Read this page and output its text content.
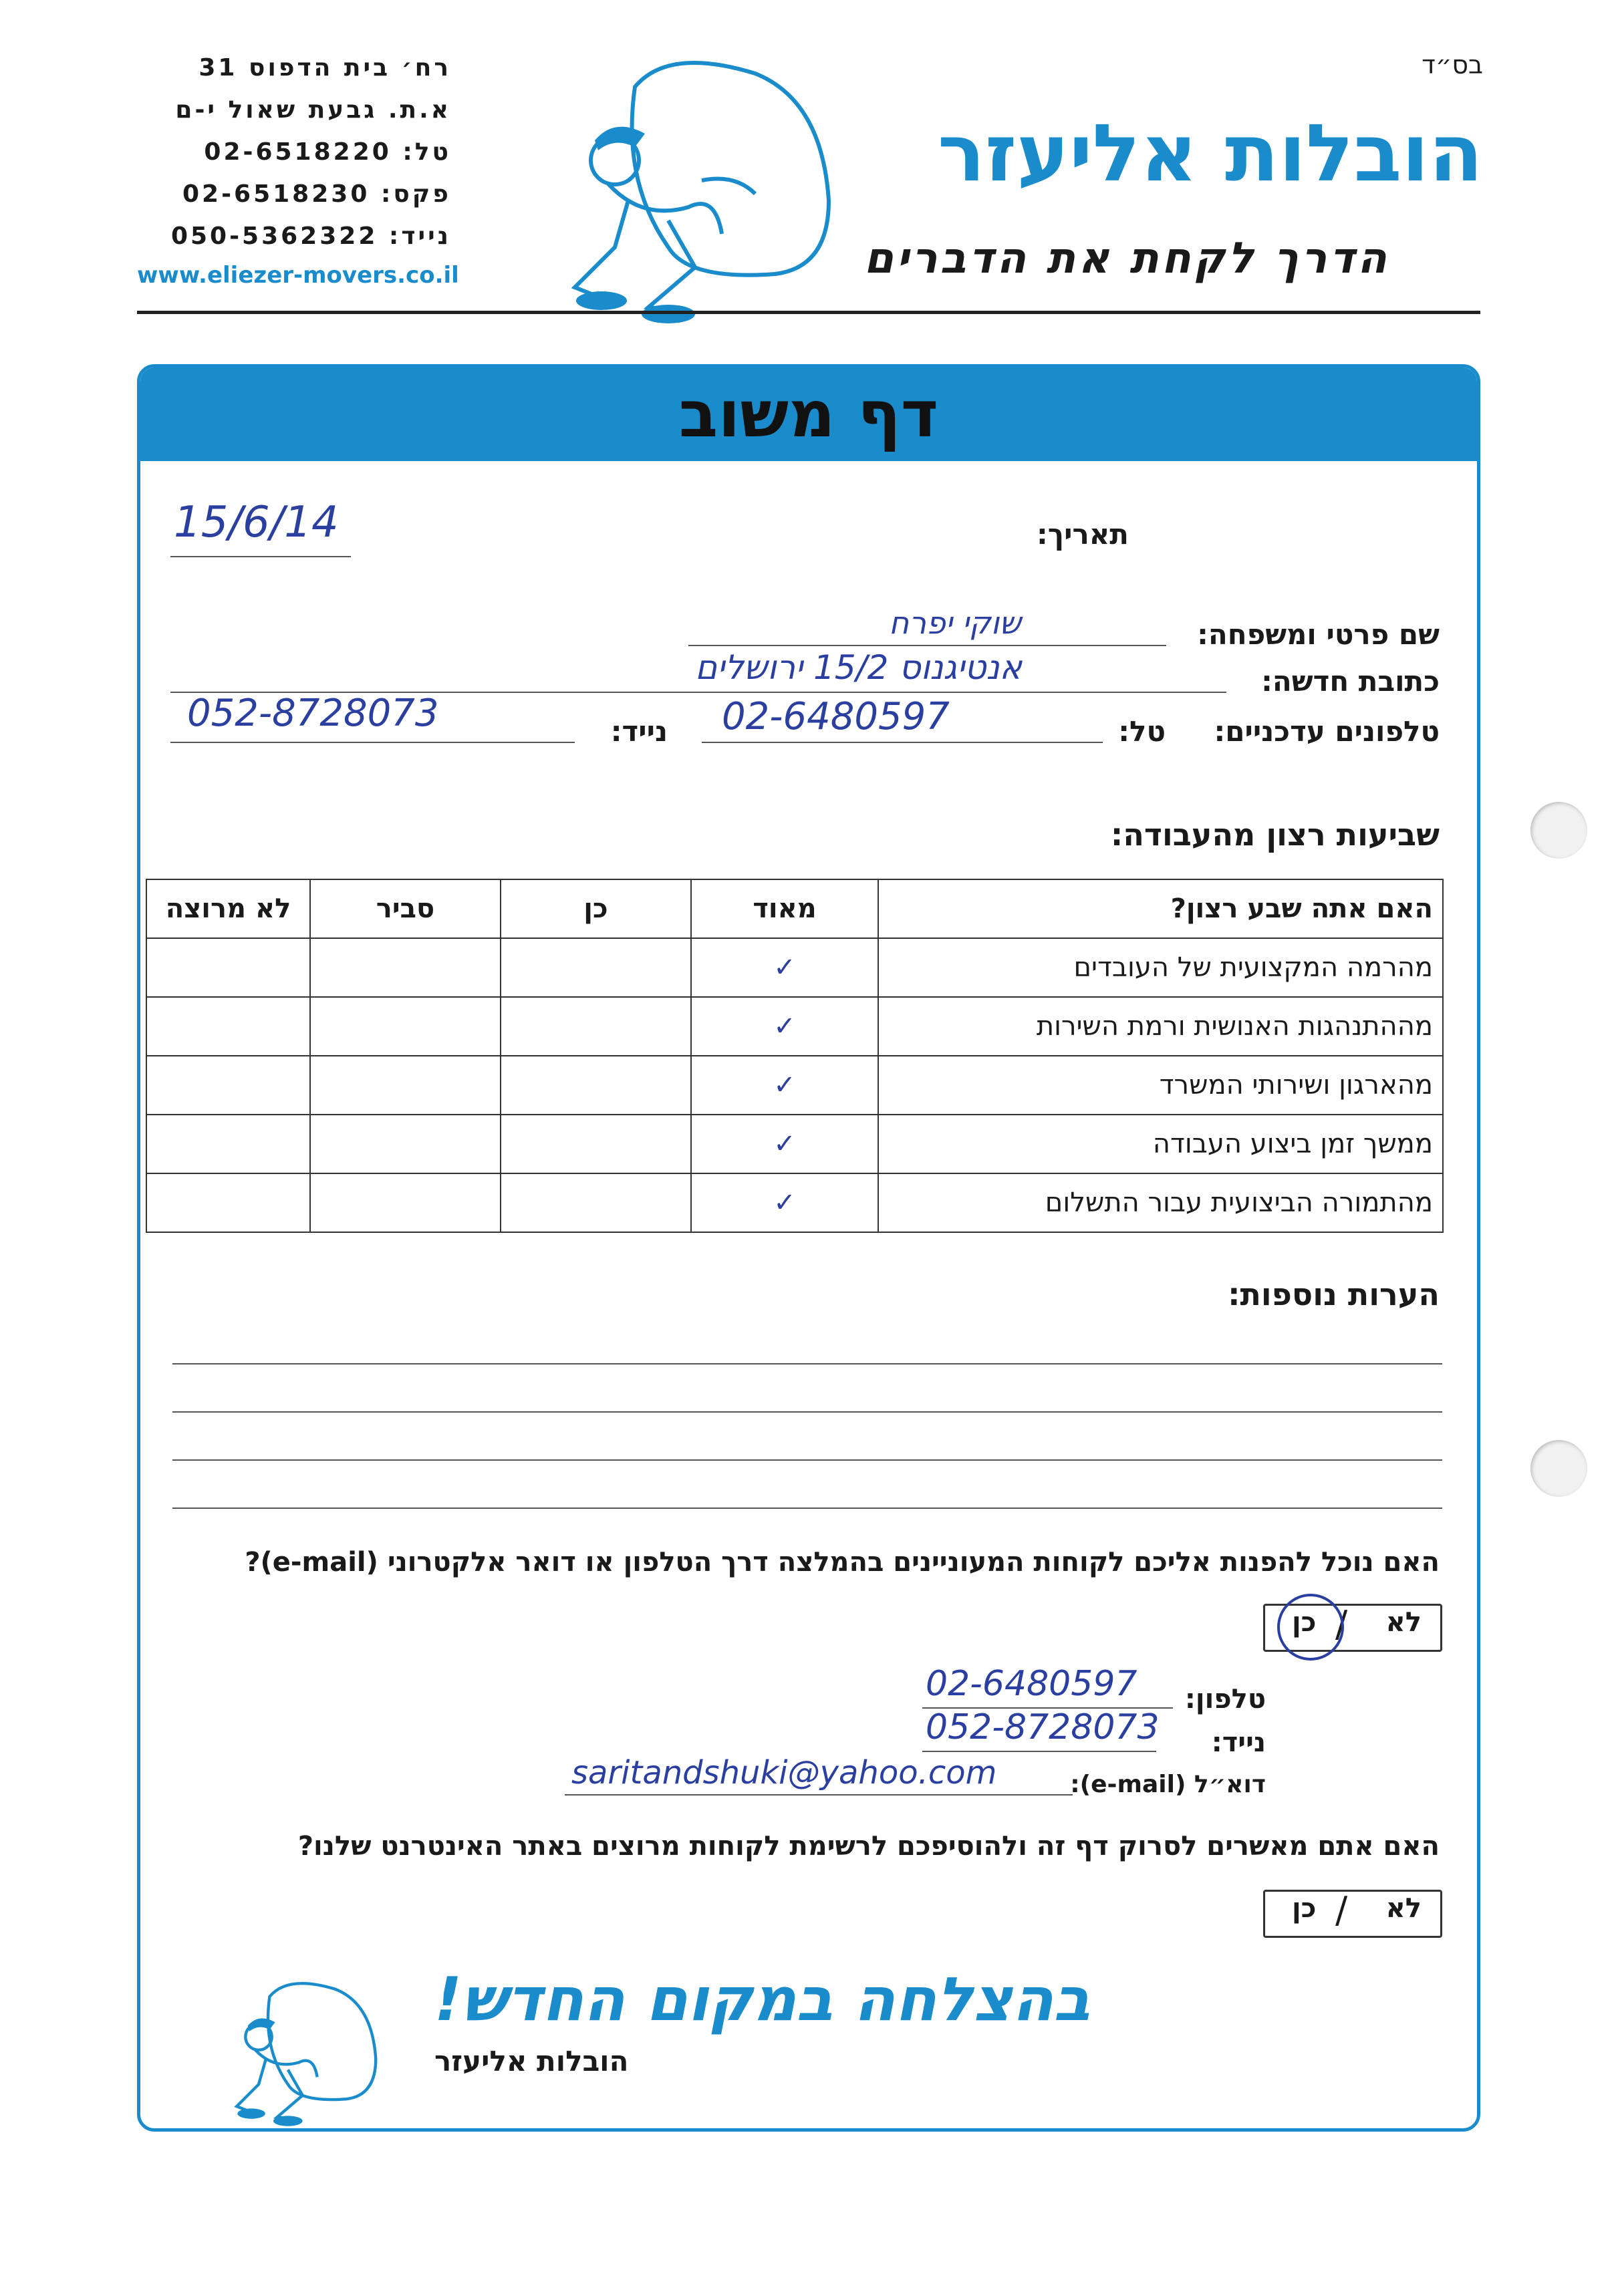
בס״ד
הובלות אליעזר
הדרך לקחת את הדברים
רח׳ בית הדפוס 31
א.ת. גבעת שאול י-ם
טל: 02-6518220
פקס: 02-6518230
נייד: 050-5362322
www.eliezer-movers.co.il
דף משוב
תאריך:
15/6/14
שם פרטי ומשפחה:
שוקי יפרח
כתובת חדשה:
אנטיגנוס 15/2 ירושלים
טלפונים עדכניים:
טל:
02-6480597
נייד:
052-8728073
שביעות רצון מהעבודה:
האם אתה שבע רצון?	מאוד	כן	סביר	לא מרוצה
מהרמה המקצועית של העובדים	✓			
מההתנהגות האנושית ורמת השירות	✓			
מהארגון ושירותי המשרד	✓			
ממשך זמן ביצוע העבודה	✓			
מהתמורה הביצועית עבור התשלום	✓			
הערות נוספות:
האם נוכל להפנות אליכם לקוחות המעוניינים בהמלצה דרך הטלפון או דואר אלקטרוני (e-mail)?
לא
/
כן
טלפון:
02-6480597
נייד:
052-8728073
דוא״ל (e-mail):
saritandshuki@yahoo.com
האם אתם מאשרים לסרוק דף זה ולהוסיפכם לרשימת לקוחות מרוצים באתר האינטרנט שלנו?
לא
/
כן
בהצלחה במקום החדש!
הובלות אליעזר
